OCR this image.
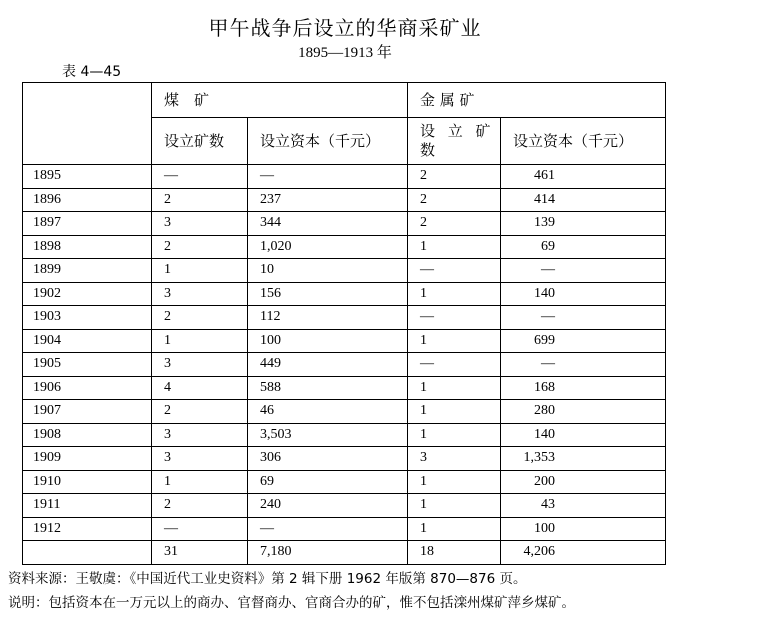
甲午战争后设立的华商采矿业
1895—1913 年
表 4—45
	煤　矿		金 属 矿	
	设立矿数	设立资本（千元）	设 立 矿 数	设立资本（千元）
1895	—	—	2	461
1896	2	237	2	414
1897	3	344	2	139
1898	2	1,020	1	69
1899	1	10	—	—
1902	3	156	1	140
1903	2	112	—	—
1904	1	100	1	699
1905	3	449	—	—
1906	4	588	1	168
1907	2	46	1	280
1908	3	3,503	1	140
1909	3	306	3	1,353
1910	1	69	1	200
1911	2	240	1	43
1912	—	—	1	100
	31	7,180	18	4,206
资料来源：王敬虞：《中国近代工业史资料》第 2 辑下册 1962 年版第 870—876 页。
说明：包括资本在一万元以上的商办、官督商办、官商合办的矿，惟不包括滦州煤矿萍乡煤矿。
